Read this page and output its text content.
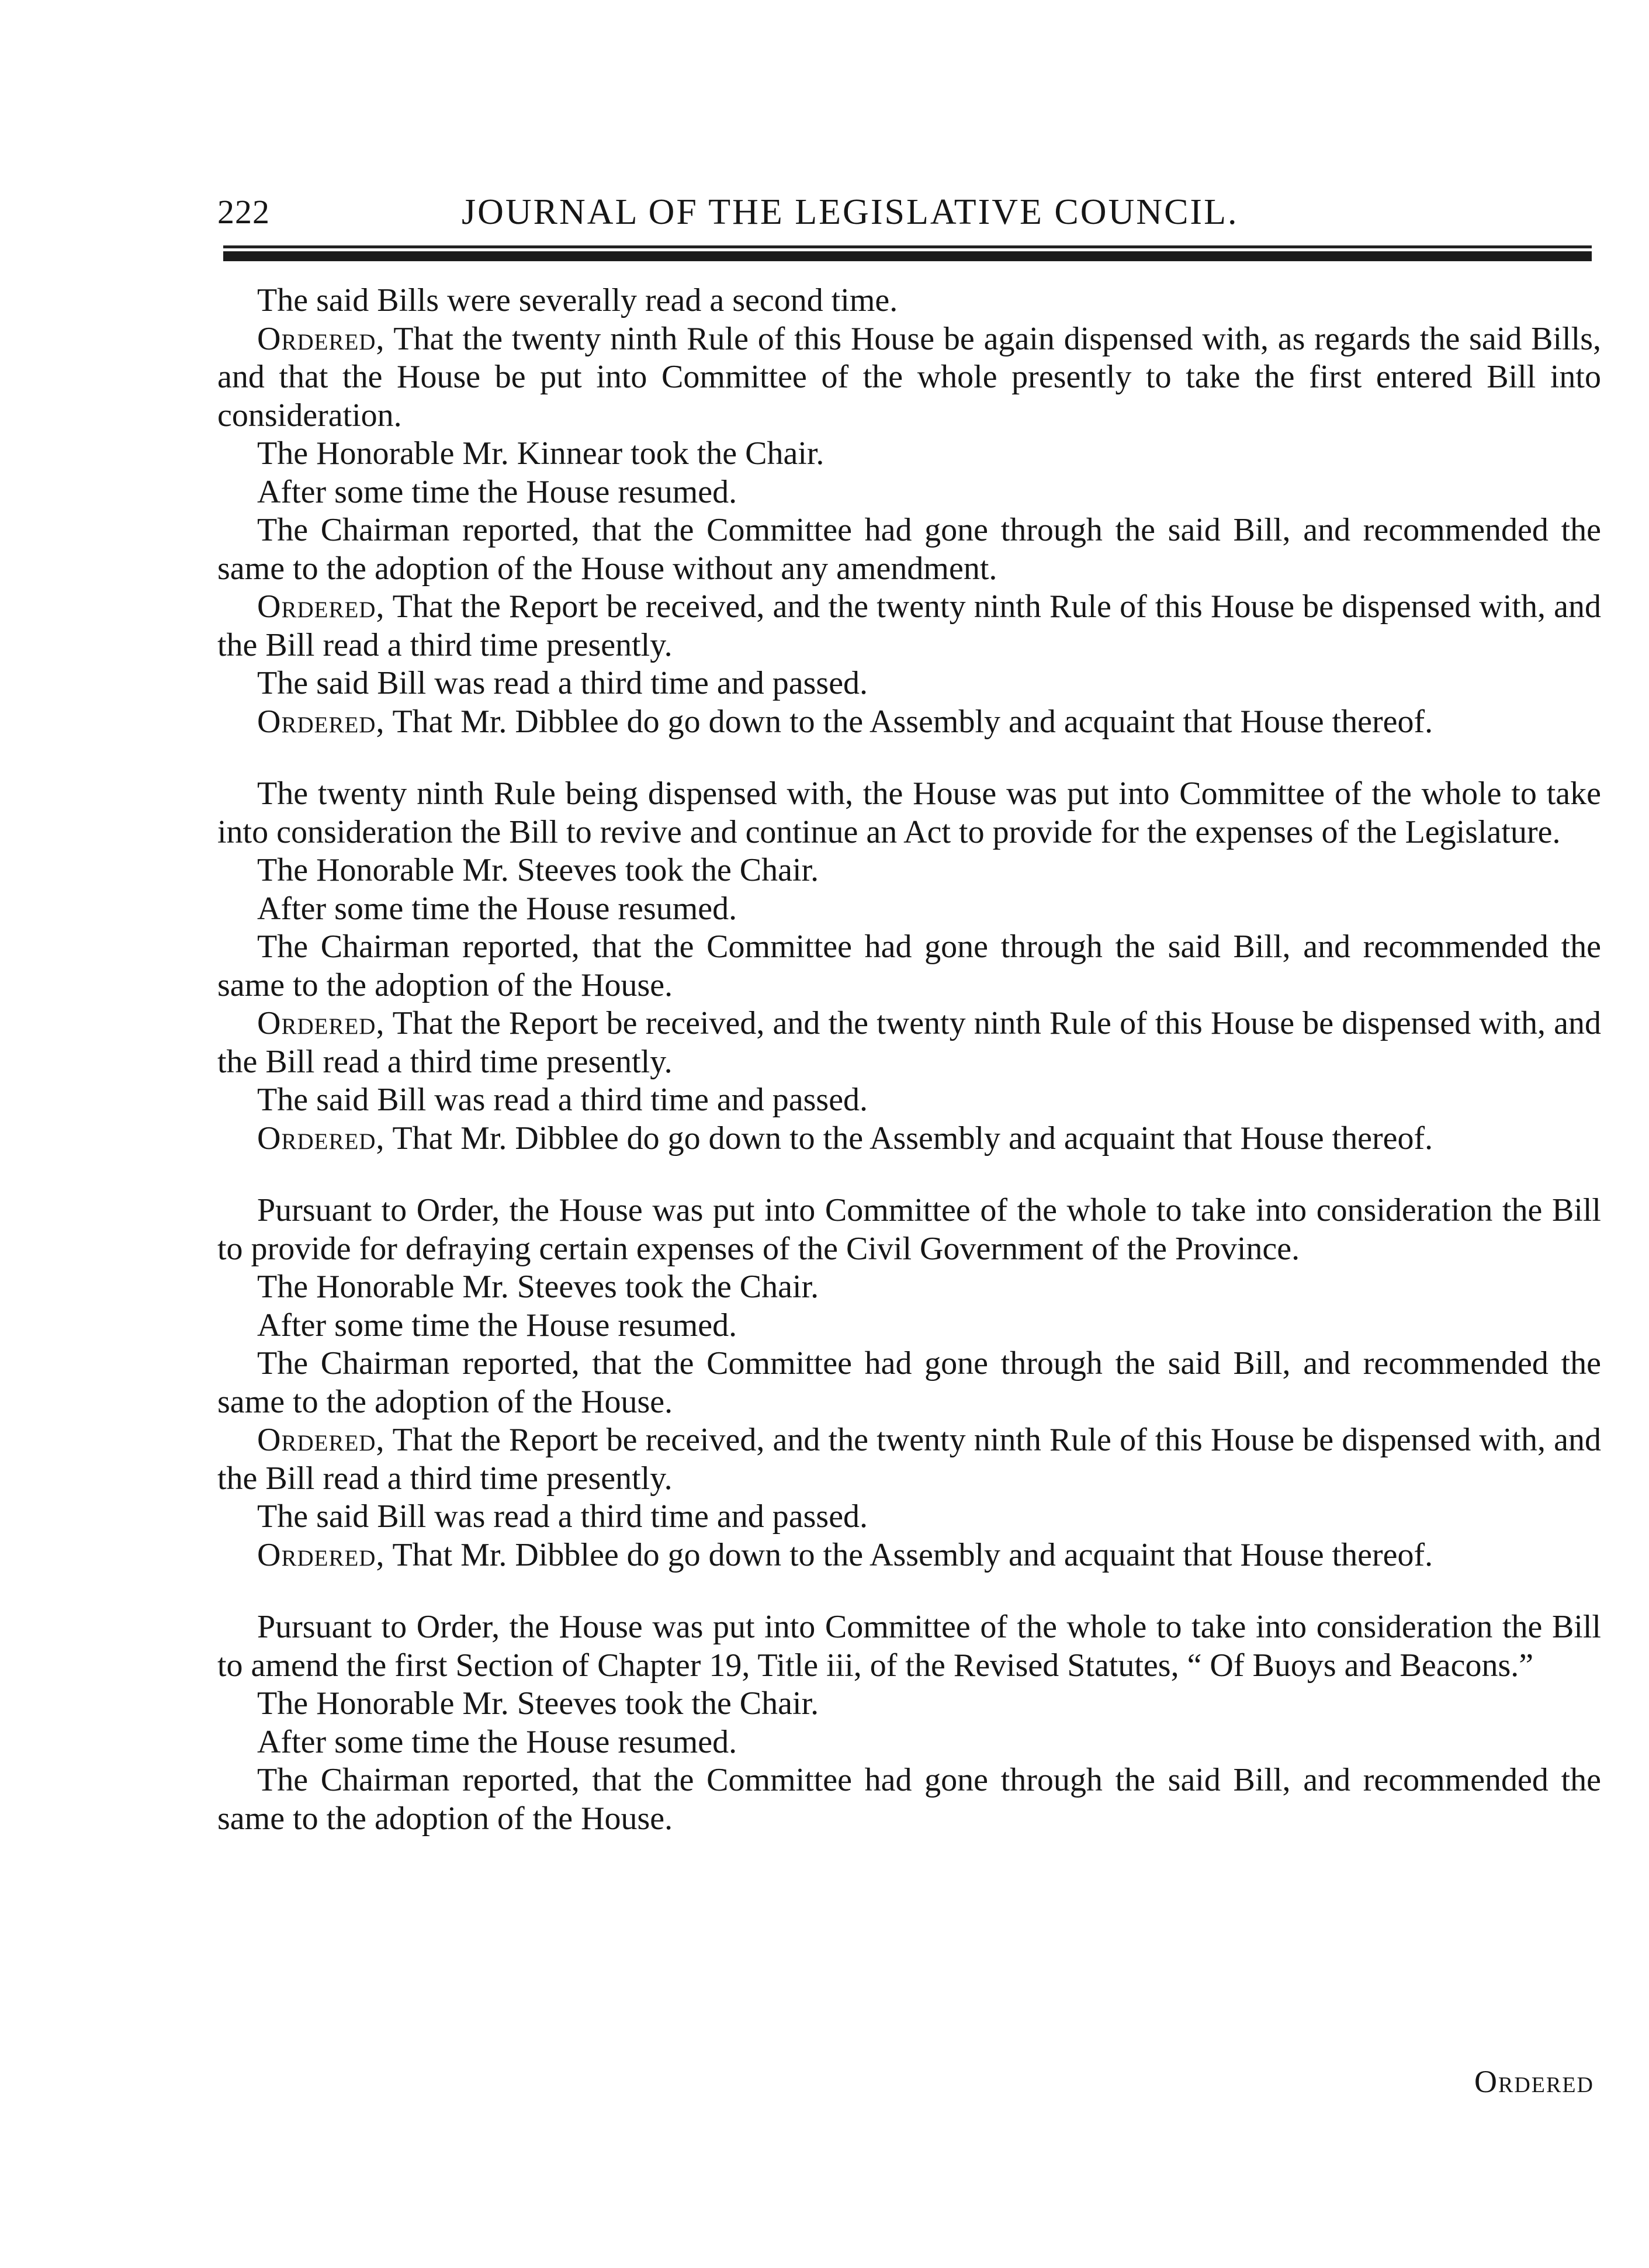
222	JOURNAL OF THE LEGISLATIVE COUNCIL.

The said Bills were severally read a second time.

Ordered, That the twenty ninth Rule of this House be again dispensed with, as regards the said Bills, and that the House be put into Committee of the whole presently to take the first entered Bill into consideration.

The Honorable Mr. Kinnear took the Chair.

After some time the House resumed.

The Chairman reported, that the Committee had gone through the said Bill, and recommended the same to the adoption of the House without any amendment.

Ordered, That the Report be received, and the twenty ninth Rule of this House be dispensed with, and the Bill read a third time presently.

The said Bill was read a third time and passed.

Ordered, That Mr. Dibblee do go down to the Assembly and acquaint that House thereof.

The twenty ninth Rule being dispensed with, the House was put into Committee of the whole to take into consideration the Bill to revive and continue an Act to provide for the expenses of the Legislature.

The Honorable Mr. Steeves took the Chair.

After some time the House resumed.

The Chairman reported, that the Committee had gone through the said Bill, and recommended the same to the adoption of the House.

Ordered, That the Report be received, and the twenty ninth Rule of this House be dispensed with, and the Bill read a third time presently.

The said Bill was read a third time and passed.

Ordered, That Mr. Dibblee do go down to the Assembly and acquaint that House thereof.

Pursuant to Order, the House was put into Committee of the whole to take into consideration the Bill to provide for defraying certain expenses of the Civil Government of the Province.

The Honorable Mr. Steeves took the Chair.

After some time the House resumed.

The Chairman reported, that the Committee had gone through the said Bill, and recommended the same to the adoption of the House.

Ordered, That the Report be received, and the twenty ninth Rule of this House be dispensed with, and the Bill read a third time presently.

The said Bill was read a third time and passed.

Ordered, That Mr. Dibblee do go down to the Assembly and acquaint that House thereof.

Pursuant to Order, the House was put into Committee of the whole to take into consideration the Bill to amend the first Section of Chapter 19, Title iii, of the Revised Statutes, “ Of Buoys and Beacons.”

The Honorable Mr. Steeves took the Chair.

After some time the House resumed.

The Chairman reported, that the Committee had gone through the said Bill, and recommended the same to the adoption of the House.

Ordered
